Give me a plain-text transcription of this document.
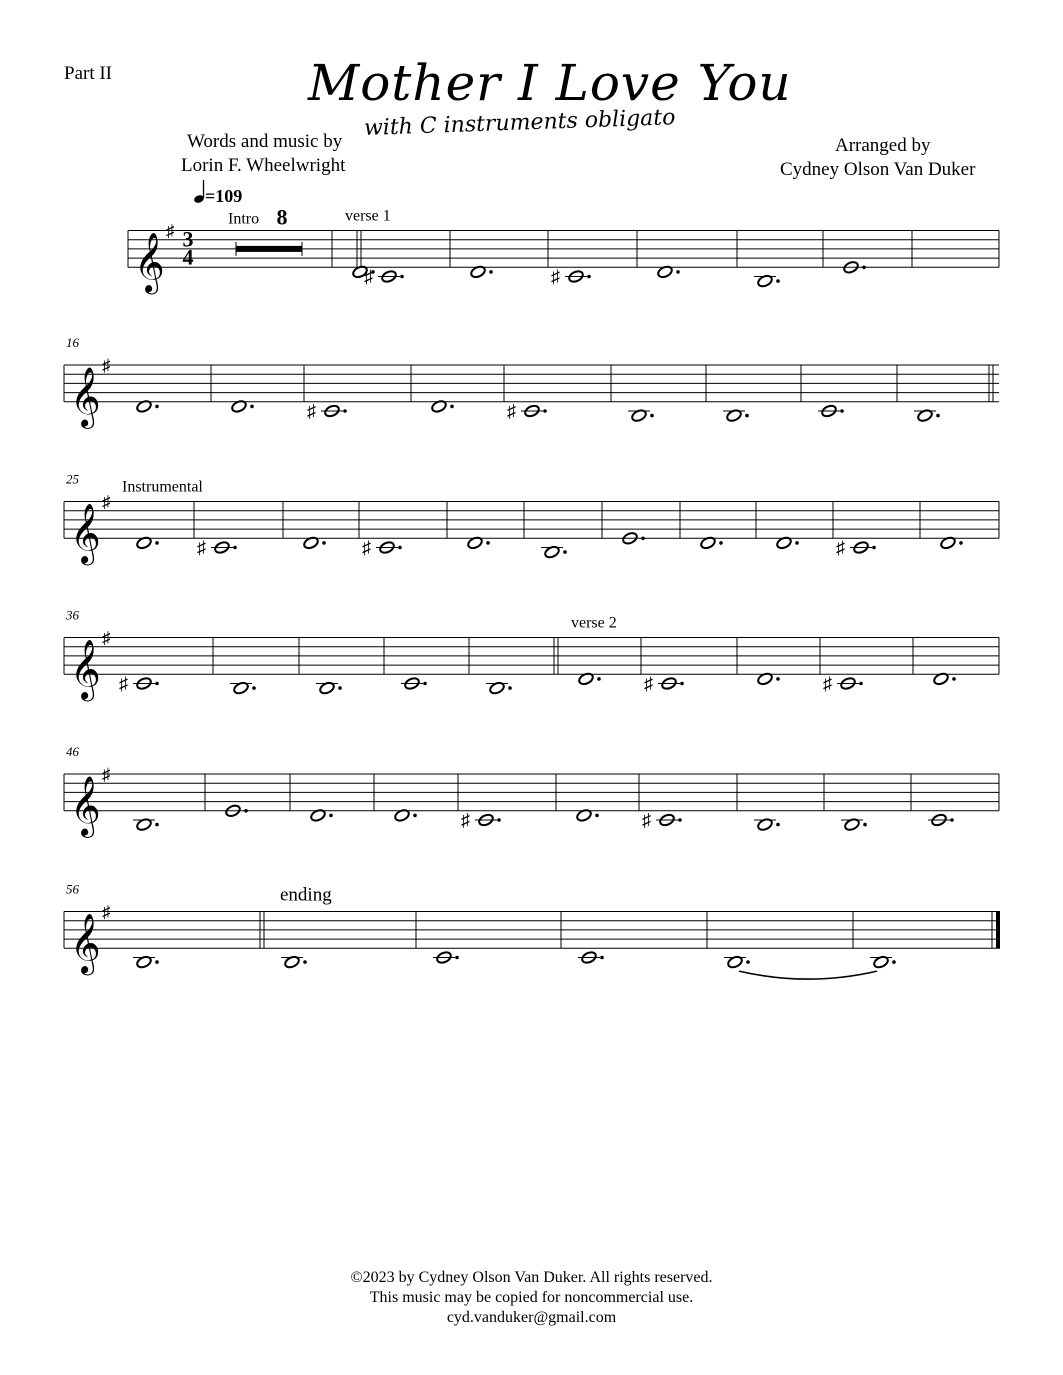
Part II	Mother I Love You
with C instruments obligato
Words and music by
Lorin F. Wheelwright
Arranged by
Cydney Olson Van Duker
𝄞
♯ 3
4
=109
8
Intro	verse 1
♯	♯
16
𝄞
♯
♯	♯
25
𝄞
♯
Instrumental
♯	♯	♯
36
𝄞
♯
♯
verse 2
♯	♯
46
𝄞
♯
♯	♯
56
𝄞
♯
ending
©2023 by Cydney Olson Van Duker. All rights reserved.
This music may be copied for noncommercial use.
cyd.vanduker@gmail.com
